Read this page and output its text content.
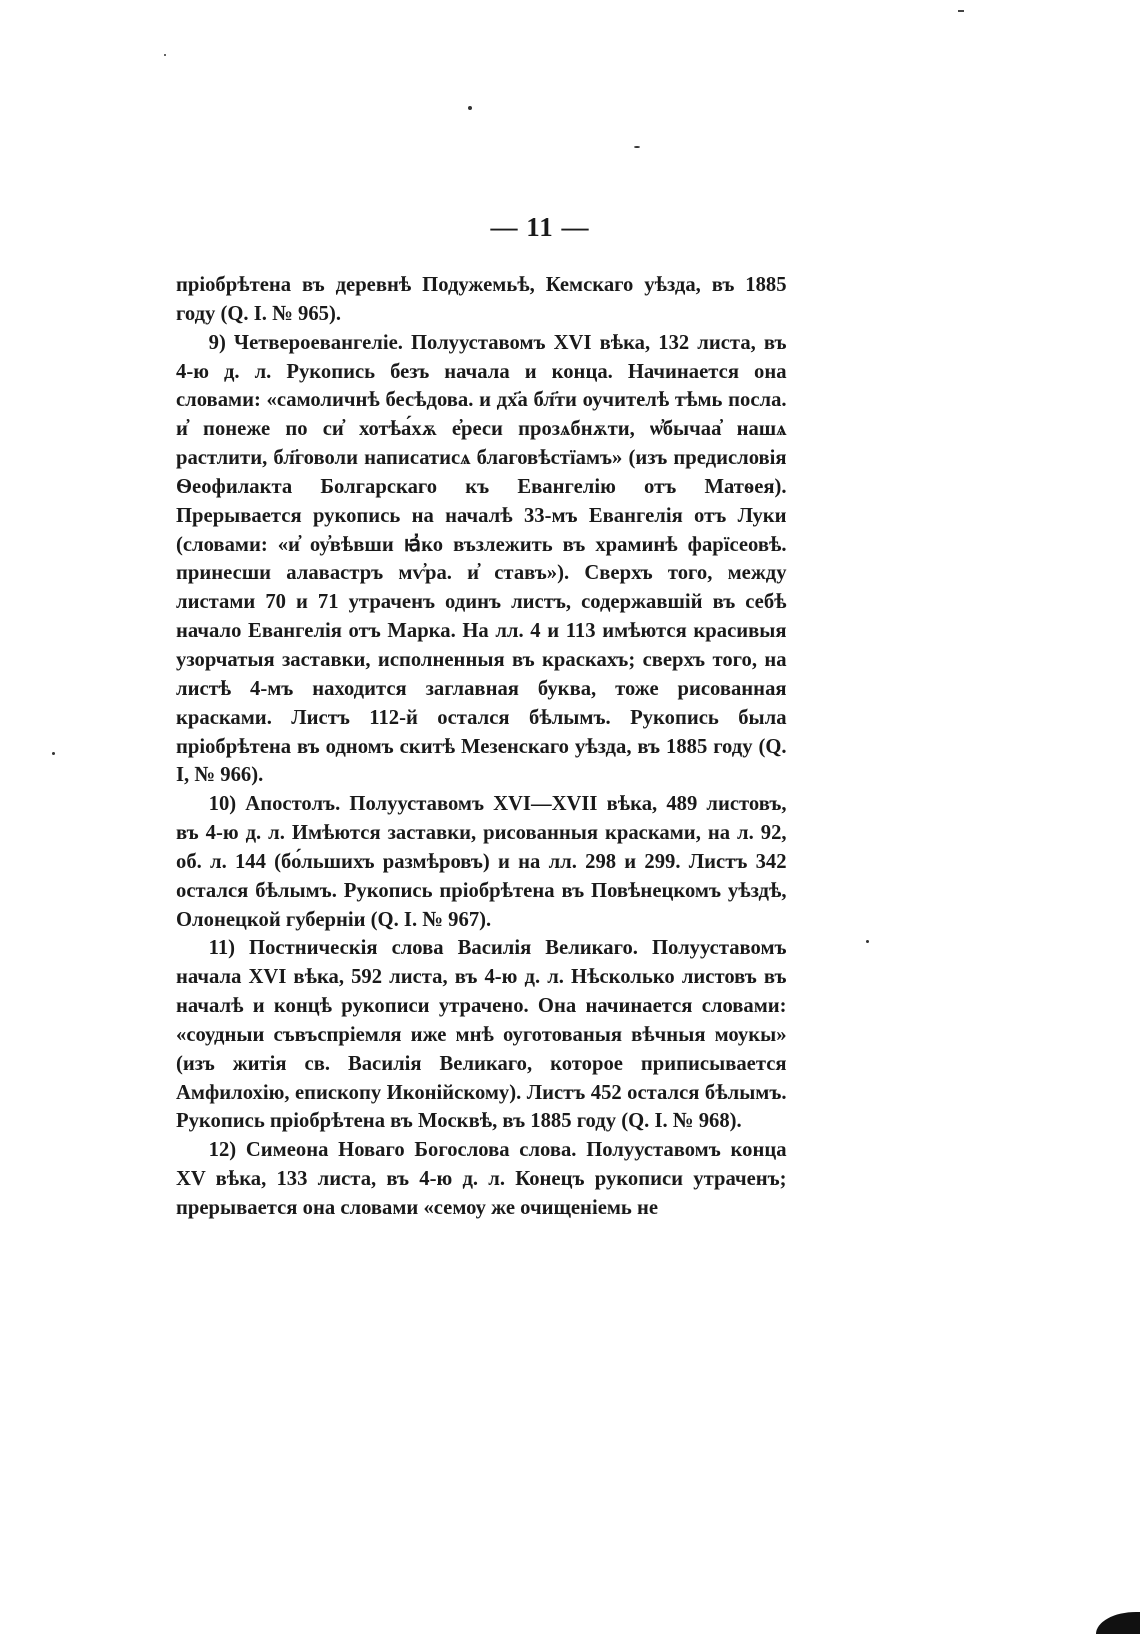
— 11 —

пріобрѣтена въ деревнѣ Подужемьѣ, Кемскаго уѣзда, въ 1885 году (Q. I. № 965).

9) Четвероевангеліе. Полууставомъ XVI вѣка, 132 листа, въ 4-ю д. л. Рукопись безъ начала и конца. Начинается она словами: «самоличнѣ бесѣдова. и дх҃а бл҃ти оучителѣ тѣмь посла. и҆ понеже по си҆ хотѣа́хѫ е҆реси прозѧбнѫти, ѡ҆бычаа҆ нашѧ растлити, бл҃говоли написатисѧ благовѣстїамъ» (изъ предисловія Ѳеофилакта Болгарскаго къ Евангелію отъ Матѳея). Прерывается рукопись на началѣ 33-мъ Евангелія отъ Луки (словами: «и҆ оу҆вѣвши ꙗ҆ко възлежить въ храминѣ фарїсеовѣ. принесши алавастръ мѵ҆ра. и҆ ставъ»). Сверхъ того, между листами 70 и 71 утраченъ одинъ листъ, содержавшій въ себѣ начало Евангелія отъ Марка. На лл. 4 и 113 имѣются красивыя узорчатыя заставки, исполненныя въ краскахъ; сверхъ того, на листѣ 4-мъ находится заглавная буква, тоже рисованная красками. Листъ 112-й остался бѣлымъ. Рукопись была пріобрѣтена въ одномъ скитѣ Мезенскаго уѣзда, въ 1885 году (Q. I, № 966).

10) Апостолъ. Полууставомъ XVI—XVII вѣка, 489 листовъ, въ 4-ю д. л. Имѣются заставки, рисованныя красками, на л. 92, об. л. 144 (бо́льшихъ размѣровъ) и на лл. 298 и 299. Листъ 342 остался бѣлымъ. Рукопись пріобрѣтена въ Повѣнецкомъ уѣздѣ, Олонецкой губерніи (Q. I. № 967).

11) Постническія слова Василія Великаго. Полууставомъ начала XVI вѣка, 592 листа, въ 4-ю д. л. Нѣсколько листовъ въ началѣ и концѣ рукописи утрачено. Она начинается словами: «соудныи съвъспріемля иже мнѣ оуготованыя вѣчныя моукы» (изъ житія св. Василія Великаго, которое приписывается Амфилохію, епископу Иконійскому). Листъ 452 остался бѣлымъ. Рукопись пріобрѣтена въ Москвѣ, въ 1885 году (Q. I. № 968).

12) Симеона Новаго Богослова слова. Полууставомъ конца XV вѣка, 133 листа, въ 4-ю д. л. Конецъ рукописи утраченъ; прерывается она словами «семоу же очищеніемь не
